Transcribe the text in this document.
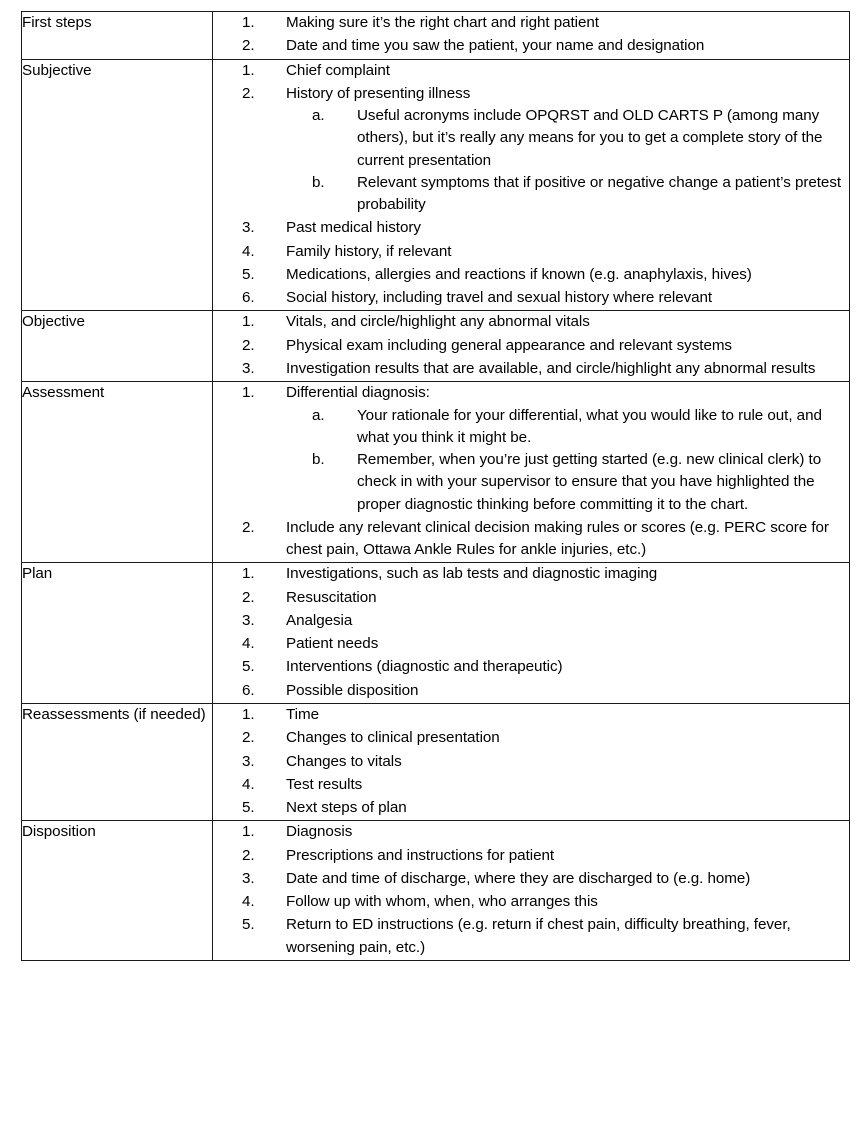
First steps	1.	Making sure it’s the right chart and right patient
2.	Date and time you saw the patient, your name and designation

Subjective	1.	Chief complaint
2.	History of presenting illness
a.	Useful acronyms include OPQRST and OLD CARTS P (among many others), but it’s really any means for you to get a complete story of the current presentation
b.	Relevant symptoms that if positive or negative change a patient’s pretest probability
3.	Past medical history
4.	Family history, if relevant
5.	Medications, allergies and reactions if known (e.g. anaphylaxis, hives)
6.	Social history, including travel and sexual history where relevant

Objective	1.	Vitals, and circle/highlight any abnormal vitals
2.	Physical exam including general appearance and relevant systems
3.	Investigation results that are available, and circle/highlight any abnormal results

Assessment	1.	Differential diagnosis:
a.	Your rationale for your differential, what you would like to rule out, and what you think it might be.
b.	Remember, when you’re just getting started (e.g. new clinical clerk) to check in with your supervisor to ensure that you have highlighted the proper diagnostic thinking before committing it to the chart.
2.	Include any relevant clinical decision making rules or scores (e.g. PERC score for chest pain, Ottawa Ankle Rules for ankle injuries, etc.)

Plan	1.	Investigations, such as lab tests and diagnostic imaging
2.	Resuscitation
3.	Analgesia
4.	Patient needs
5.	Interventions (diagnostic and therapeutic)
6.	Possible disposition

Reassessments (if needed)	1.	Time
2.	Changes to clinical presentation
3.	Changes to vitals
4.	Test results
5.	Next steps of plan

Disposition	1.	Diagnosis
2.	Prescriptions and instructions for patient
3.	Date and time of discharge, where they are discharged to (e.g. home)
4.	Follow up with whom, when, who arranges this
5.	Return to ED instructions (e.g. return if chest pain, difficulty breathing, fever, worsening pain, etc.)
